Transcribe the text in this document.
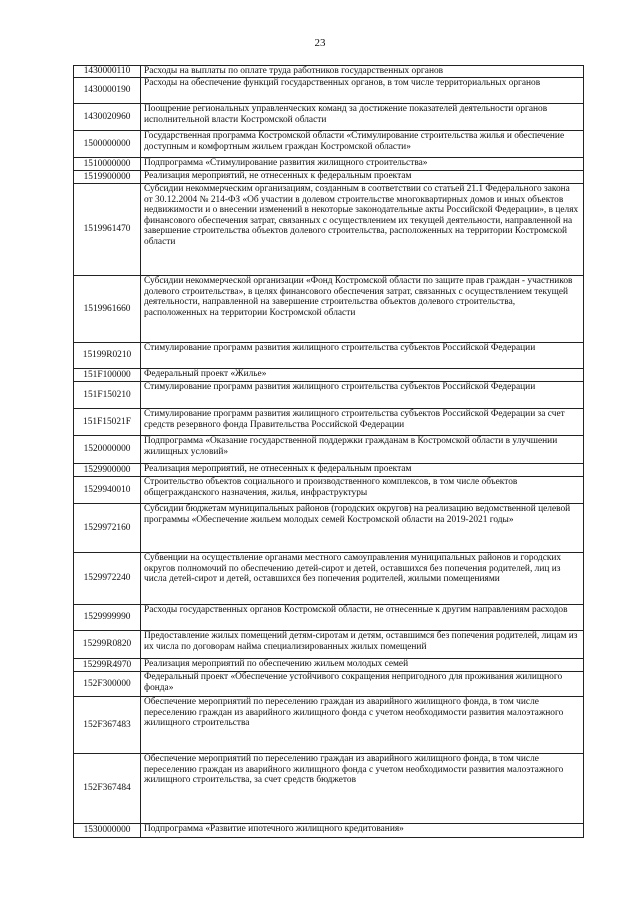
23
1430000110	Расходы на выплаты по оплате труда работников государственных органов
1430000190	Расходы на обеспечение функций государственных органов, в том числе территориальных органов
1430020960	Поощрение региональных управленческих команд за достижение показателей деятельности органов исполнительной власти Костромской области
1500000000	Государственная программа Костромской области «Стимулирование строительства жилья и обеспечение доступным и комфортным жильем граждан Костромской области»
1510000000	Подпрограмма «Стимулирование развития жилищного строительства»
1519900000	Реализация мероприятий, не отнесенных к федеральным проектам
1519961470	Субсидии некоммерческим организациям, созданным в соответствии со статьей 21.1 Федерального закона от 30.12.2004 № 214-ФЗ «Об участии в долевом строительстве многоквартирных домов и иных объектов недвижимости и о внесении изменений в некоторые законодательные акты Российской Федерации», в целях финансового обеспечения затрат, связанных с осуществлением их текущей деятельности, направленной на завершение строительства объектов долевого строительства, расположенных на территории Костромской области
1519961660	Субсидии некоммерческой организации «Фонд Костромской области по защите прав граждан - участников долевого строительства», в целях финансового обеспечения затрат, связанных с осуществлением текущей деятельности, направленной на завершение строительства объектов долевого строительства, расположенных на территории Костромской области
15199R0210	Стимулирование программ развития жилищного строительства субъектов Российской Федерации
151F100000	Федеральный проект «Жилье»
151F150210	Стимулирование программ развития жилищного строительства субъектов Российской Федерации
151F15021F	Стимулирование программ развития жилищного строительства субъектов Российской Федерации за счет средств резервного фонда Правительства Российской Федерации
1520000000	Подпрограмма «Оказание государственной поддержки гражданам в Костромской области в улучшении жилищных условий»
1529900000	Реализация мероприятий, не отнесенных к федеральным проектам
1529940010	Строительство объектов социального и производственного комплексов, в том числе объектов общегражданского назначения, жилья, инфраструктуры
1529972160	Субсидии бюджетам муниципальных районов (городских округов) на реализацию ведомственной целевой программы «Обеспечение жильем молодых семей Костромской области на 2019-2021 годы»
1529972240	Субвенции на осуществление органами местного самоуправления муниципальных районов и городских округов полномочий по обеспечению детей-сирот и детей, оставшихся без попечения родителей, лиц из числа детей-сирот и детей, оставшихся без попечения родителей, жилыми помещениями
1529999990	Расходы государственных органов Костромской области, не отнесенные к другим направлениям расходов
15299R0820	Предоставление жилых помещений детям-сиротам и детям, оставшимся без попечения родителей, лицам из их числа по договорам найма специализированных жилых помещений
15299R4970	Реализация мероприятий по обеспечению жильем молодых семей
152F300000	Федеральный проект «Обеспечение устойчивого сокращения непригодного для проживания жилищного фонда»
152F367483	Обеспечение мероприятий по переселению граждан из аварийного жилищного фонда, в том числе переселению граждан из аварийного жилищного фонда с учетом необходимости развития малоэтажного жилищного строительства
152F367484	Обеспечение мероприятий по переселению граждан из аварийного жилищного фонда, в том числе переселению граждан из аварийного жилищного фонда с учетом необходимости развития малоэтажного жилищного строительства, за счет средств бюджетов
1530000000	Подпрограмма «Развитие ипотечного жилищного кредитования»
